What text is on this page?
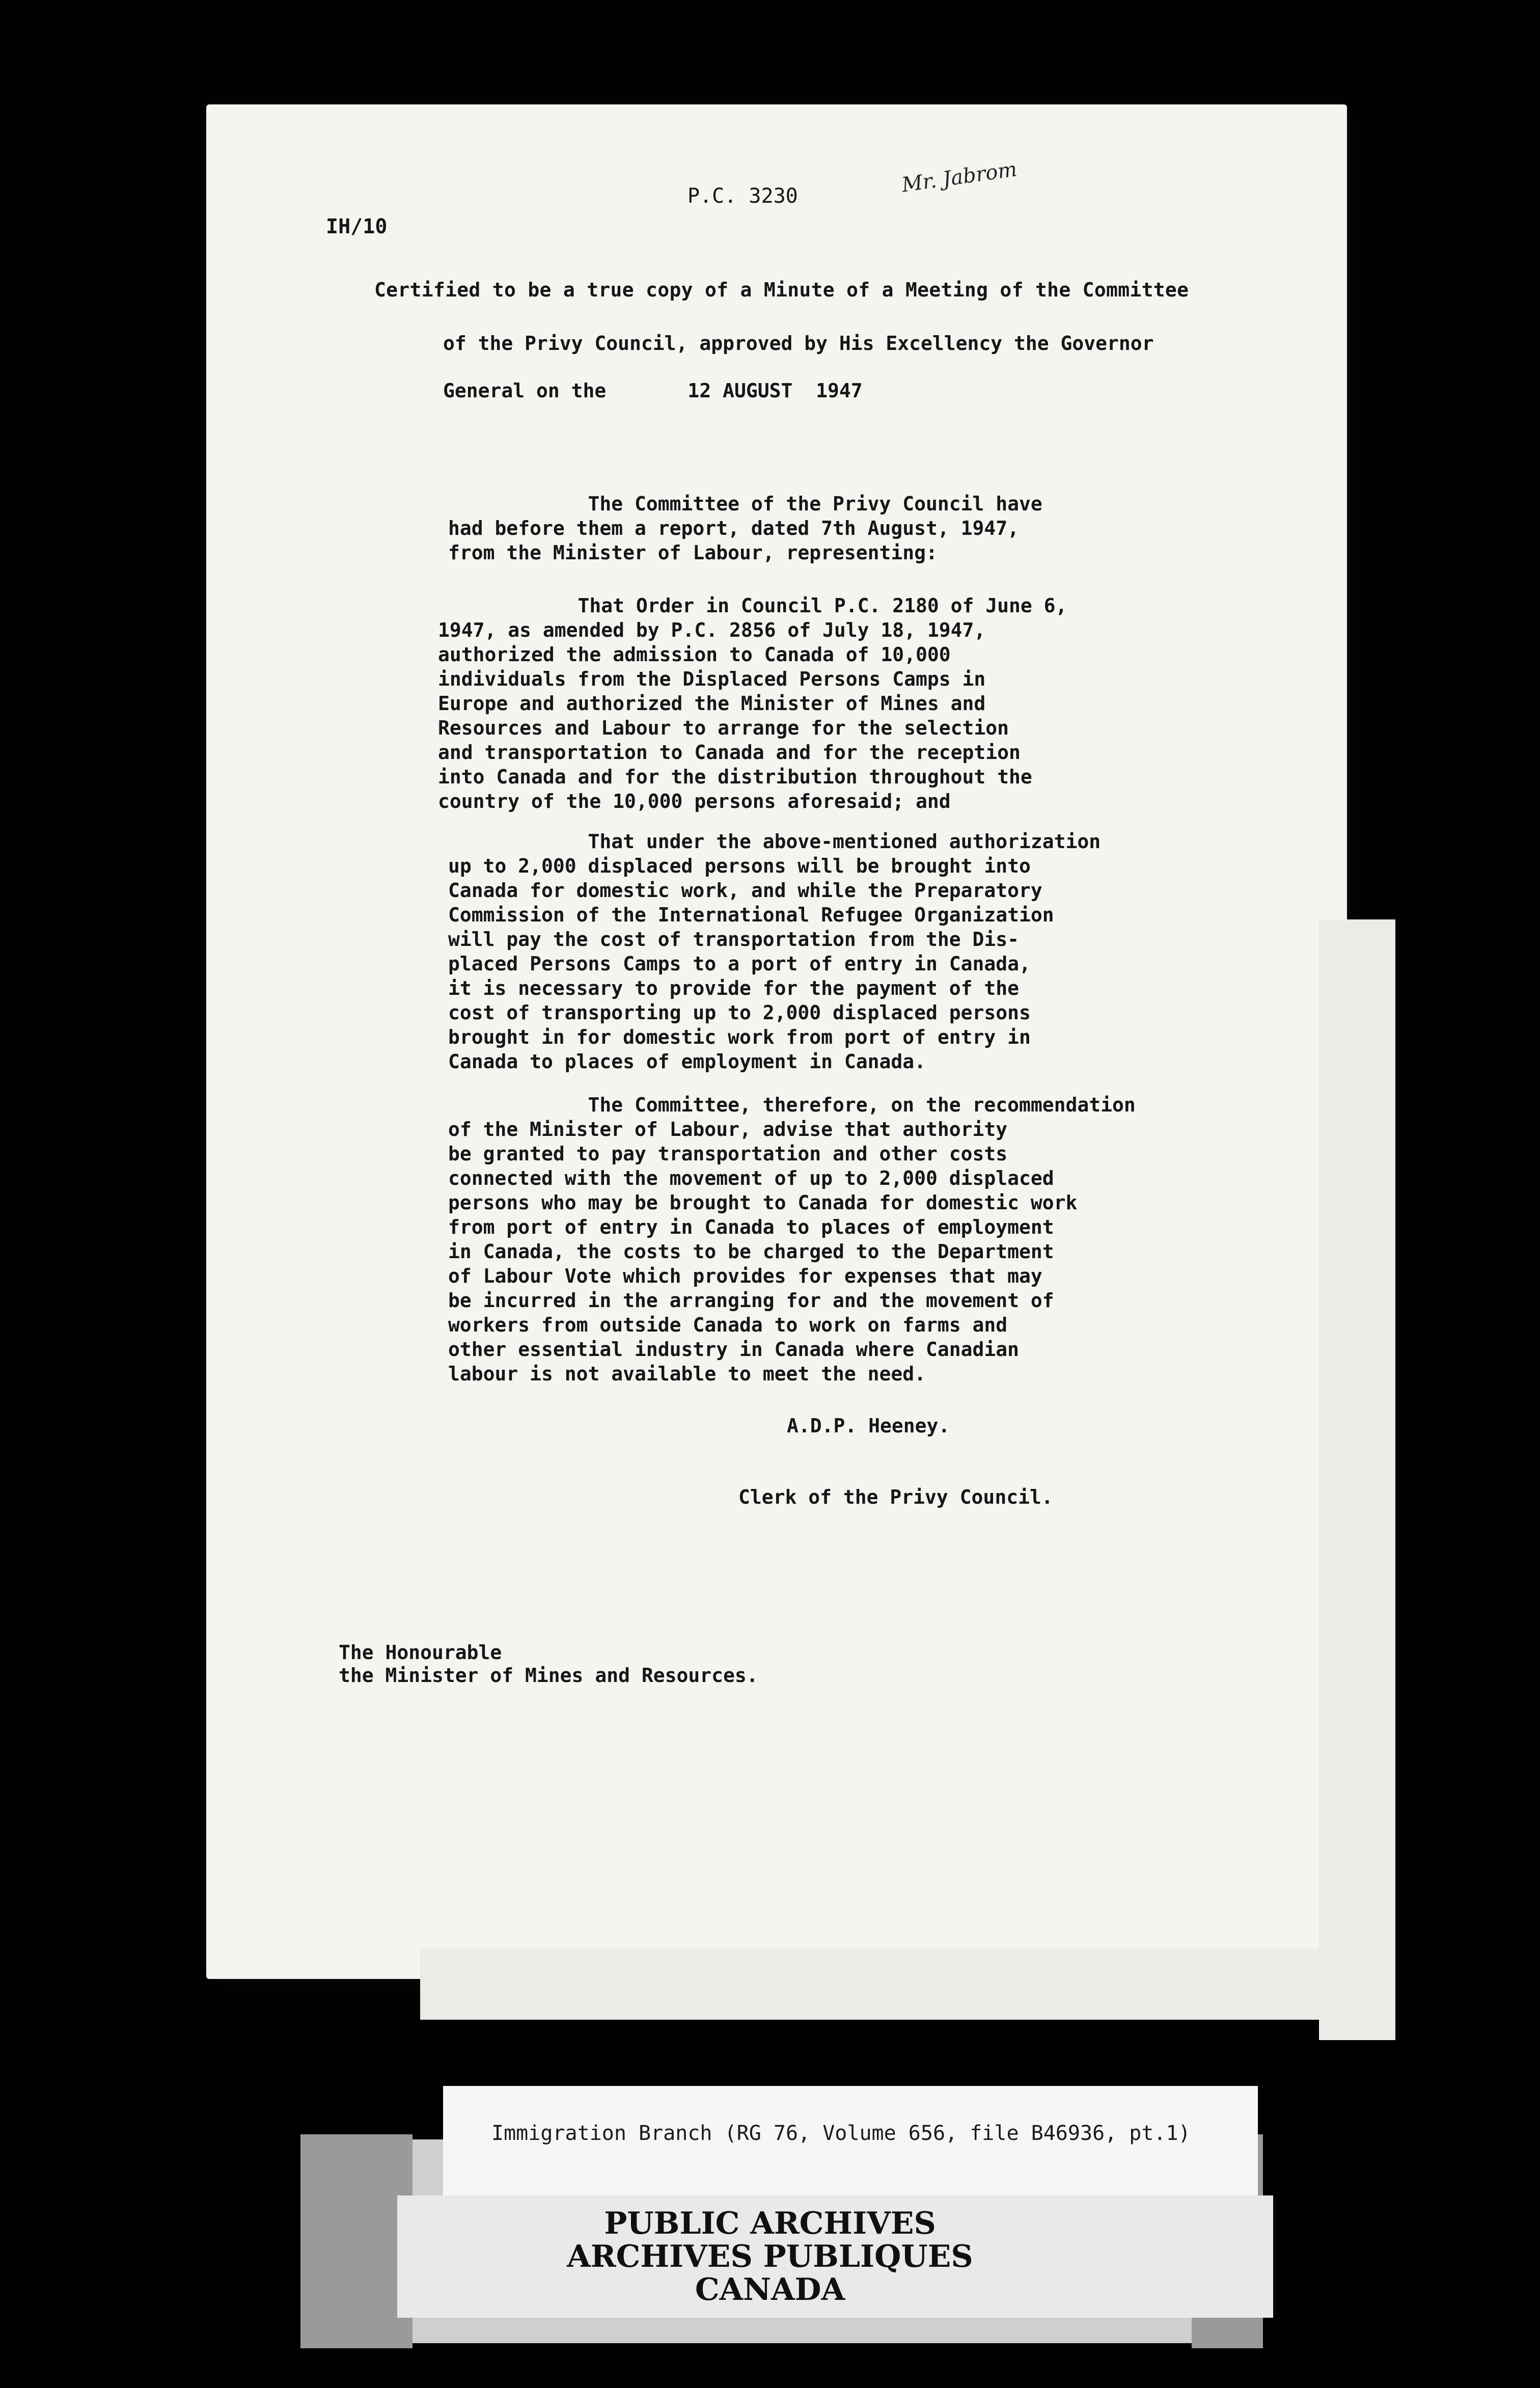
IH/10
P.C. 3230	Mr. Jabrom
Certified to be a true copy of a Minute of a Meeting of the Committee
of the Privy Council, approved by His Excellency the Governor
General on the       12 AUGUST  1947
The Committee of the Privy Council have
had before them a report, dated 7th August, 1947,
from the Minister of Labour, representing:
That Order in Council P.C. 2180 of June 6,
1947, as amended by P.C. 2856 of July 18, 1947,
authorized the admission to Canada of 10,000
individuals from the Displaced Persons Camps in
Europe and authorized the Minister of Mines and
Resources and Labour to arrange for the selection
and transportation to Canada and for the reception
into Canada and for the distribution throughout the
country of the 10,000 persons aforesaid; and
That under the above-mentioned authorization
up to 2,000 displaced persons will be brought into
Canada for domestic work, and while the Preparatory
Commission of the International Refugee Organization
will pay the cost of transportation from the Dis-
placed Persons Camps to a port of entry in Canada,
it is necessary to provide for the payment of the
cost of transporting up to 2,000 displaced persons
brought in for domestic work from port of entry in
Canada to places of employment in Canada.
The Committee, therefore, on the recommendation
of the Minister of Labour, advise that authority
be granted to pay transportation and other costs
connected with the movement of up to 2,000 displaced
persons who may be brought to Canada for domestic work
from port of entry in Canada to places of employment
in Canada, the costs to be charged to the Department
of Labour Vote which provides for expenses that may
be incurred in the arranging for and the movement of
workers from outside Canada to work on farms and
other essential industry in Canada where Canadian
labour is not available to meet the need.
A.D.P. Heeney.
Clerk of the Privy Council.
The Honourable
the Minister of Mines and Resources.
Immigration Branch (RG 76, Volume 656, file B46936, pt.1)
PUBLIC ARCHIVES
ARCHIVES PUBLIQUES
CANADA
